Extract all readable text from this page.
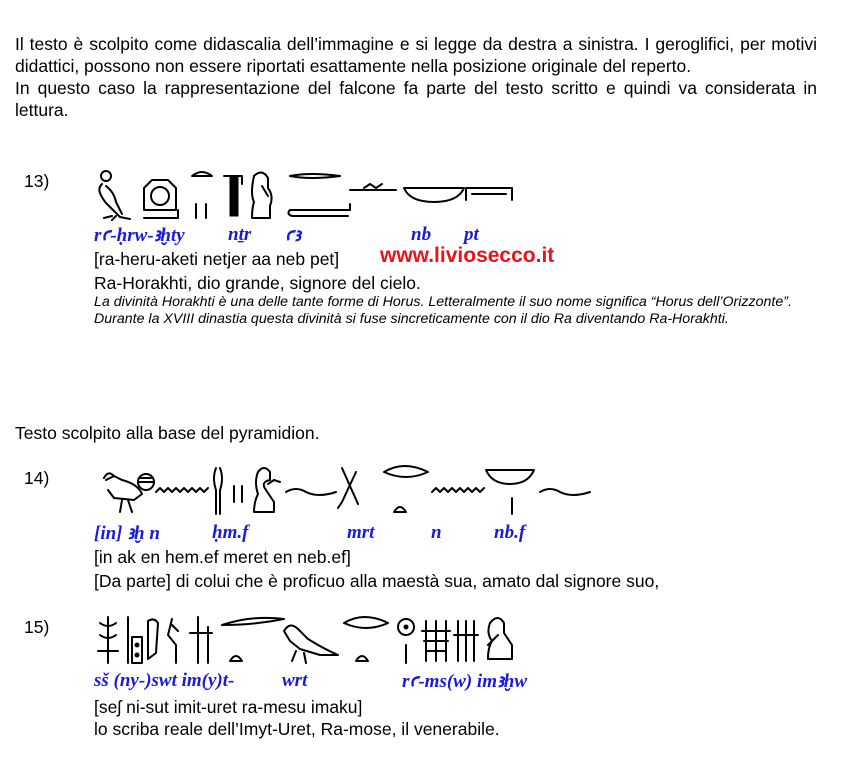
Il testo è scolpito come didascalia dell’immagine e si legge da destra a sinistra. I geroglifici, per motivi didattici, possono non essere riportati esattamente nella posizione originale del reperto.

In questo caso la rappresentazione del falcone fa parte del testo scritto e quindi va considerata in lettura.

13)
rꜥ-ḥrw-ꜣḫty nṯr ꜥꜣ	nb pt
[ra-heru-aketi netjer aa neb pet] www.liviosecco.it
Ra-Horakhti, dio grande, signore del cielo.
La divinità Horakhti è una delle tante forme di Horus. Letteralmente il suo nome significa “Horus dell’Orizzonte”. Durante la XVIII dinastia questa divinità si fuse sincreticamente con il dio Ra diventando Ra-Horakhti.
Testo scolpito alla base del pyramidion.
14)
[in] ꜣḫ n	ḥm.f	mrt	n	nb.f
[in ak en hem.ef meret en neb.ef]
[Da parte] di colui che è proficuo alla maestà sua, amato dal signore suo,
15)
sš (ny-)swt im(y)t-	wrt	rꜥ-ms(w) imꜣḫw
[seʃ ni-sut imit-uret ra-mesu imaku]
lo scriba reale dell’Imyt-Uret, Ra-mose, il venerabile.
